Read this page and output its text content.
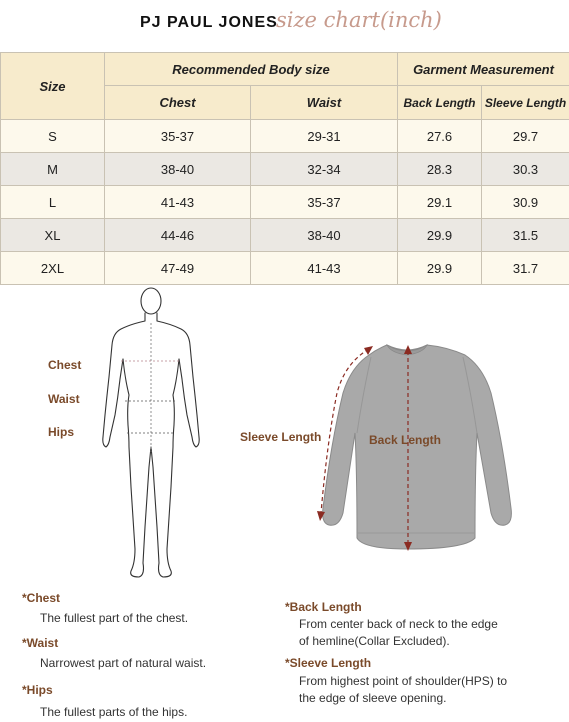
PJ PAUL JONES
size chart(inch)
Size	Recommended Body size		Garment Measurement	
	Chest	Waist	Back Length	Sleeve Length
S	35-37	29-31	27.6	29.7
M	38-40	32-34	28.3	30.3
L	41-43	35-37	29.1	30.9
XL	44-46	38-40	29.9	31.5
2XL	47-49	41-43	29.9	31.7
Chest
Waist
Hips	Sleeve Length	Back Length
*Chest
The fullest part of the chest.
*Waist
Narrowest part of natural waist.
*Hips
The fullest parts of the hips.
*Back Length
From center back of neck to the edge
of hemline(Collar Excluded).
*Sleeve Length
From highest point of shoulder(HPS) to
the edge of sleeve opening.
